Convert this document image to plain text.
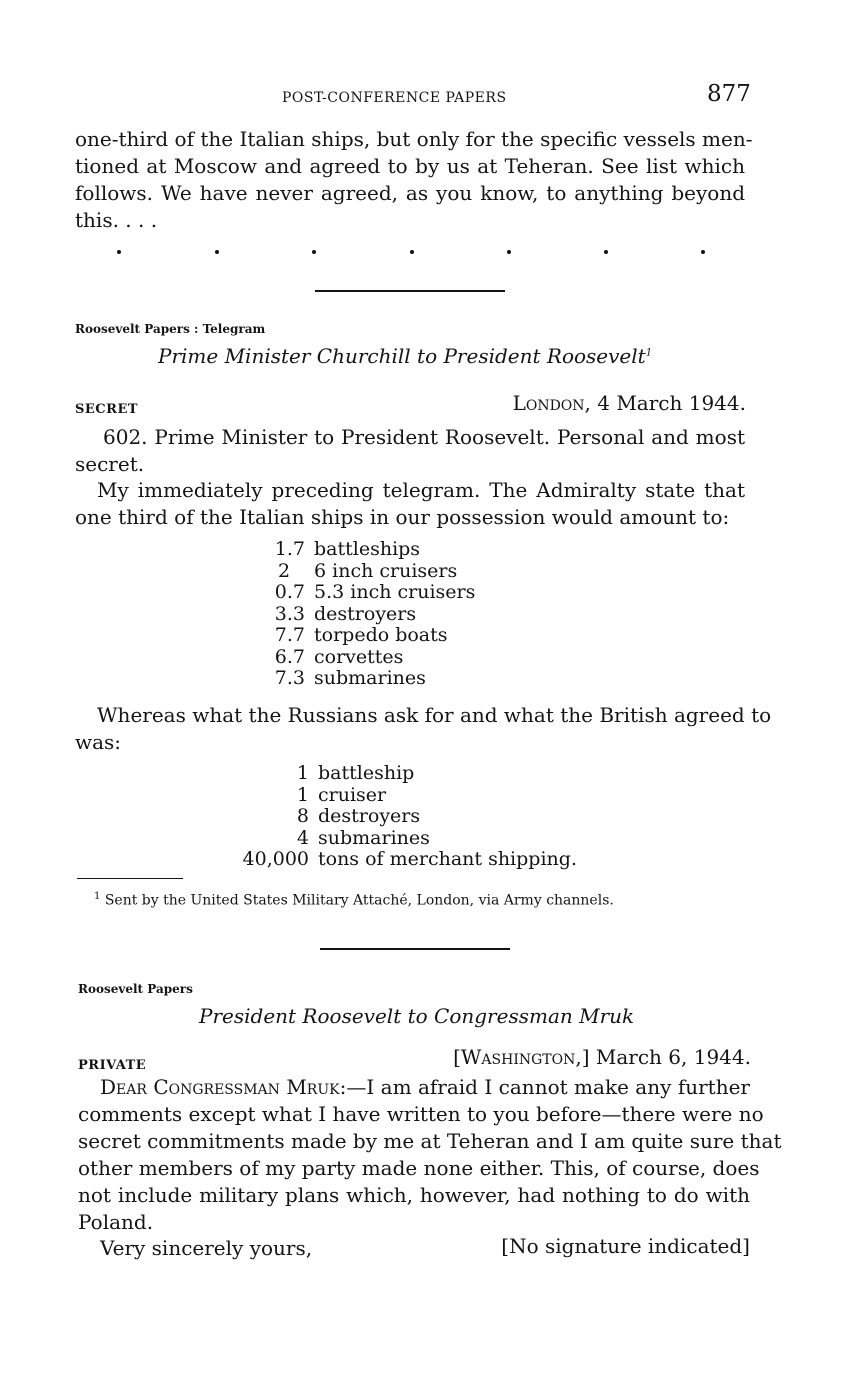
POST-CONFERENCE PAPERS	877
one-third of the Italian ships, but only for the specific vessels men-
tioned at Moscow and agreed to by us at Teheran. See list which
follows. We have never agreed, as you know, to anything beyond
this. . . .
Roosevelt Papers : Telegram
Prime Minister Churchill to President Roosevelt$^1$
SECRET	London, 4 March 1944.
602. Prime Minister to President Roosevelt. Personal and most
secret.
My immediately preceding telegram. The Admiralty state that
one third of the Italian ships in our possession would amount to:
1.7 battleships
2	6 inch cruisers
0.7 5.3 inch cruisers
3.3 destroyers
7.7 torpedo boats
6.7 corvettes
7.3 submarines
Whereas what the Russians ask for and what the British agreed to
was:
1 battleship
1 cruiser
8 destroyers
4 submarines
40,000 tons of merchant shipping.
$^1$ Sent by the United States Military Attaché, London, via Army channels.
Roosevelt Papers
President Roosevelt to Congressman Mruk
PRIVATE	[Washington,] March 6, 1944.
Dear Congressman Mruk:—I am afraid I cannot make any further
comments except what I have written to you before—there were no
secret commitments made by me at Teheran and I am quite sure that
other members of my party made none either. This, of course, does
not include military plans which, however, had nothing to do with
Poland.
Very sincerely yours,	[No signature indicated]
